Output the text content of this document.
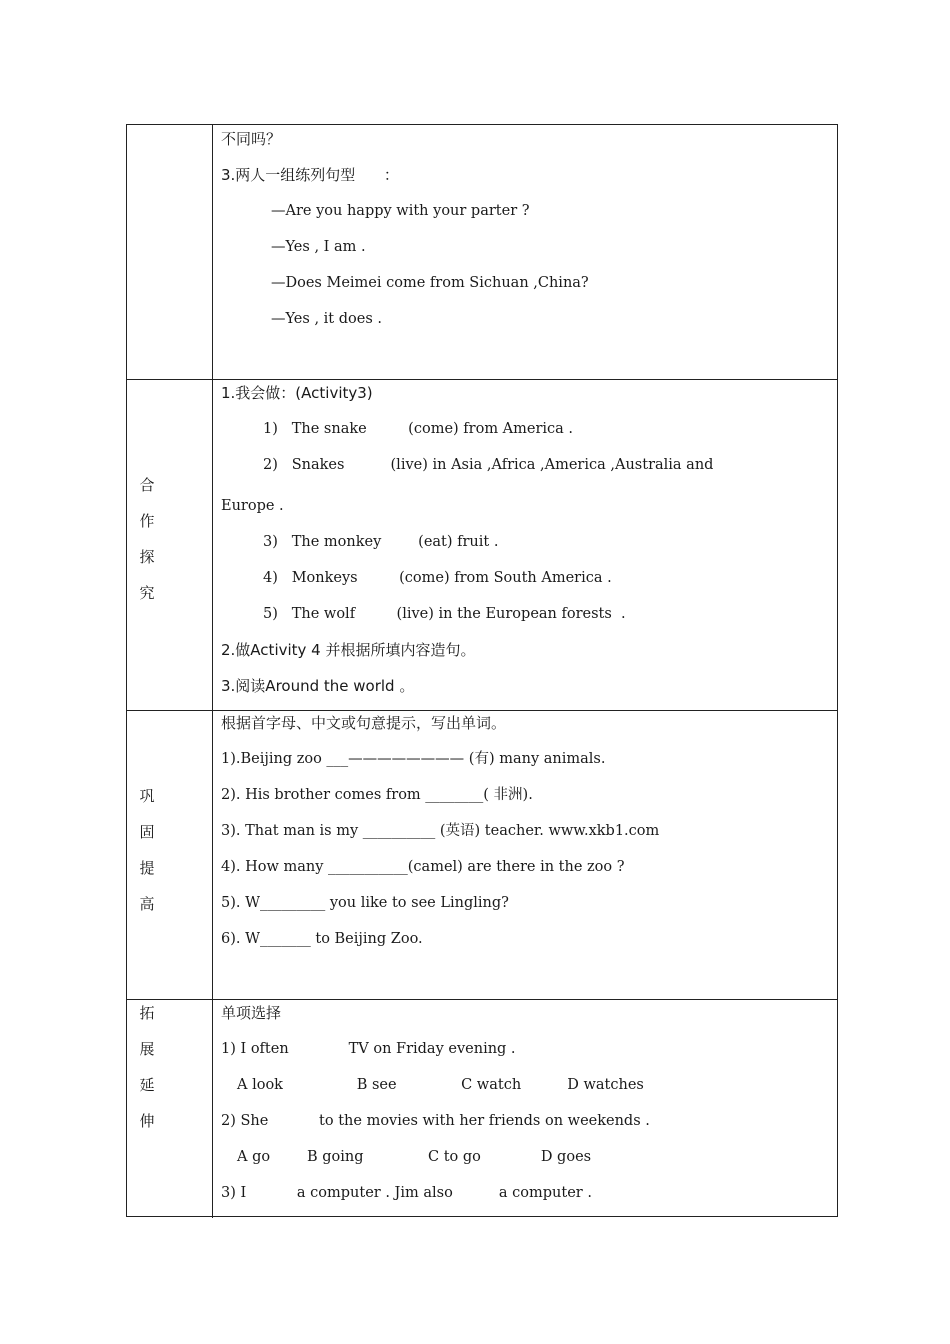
不同吗？
3.两人一组练列句型      ：
—Are you happy with your parter ?
—Yes , I am .
—Does Meimei come from Sichuan ,China?
—Yes , it does .
合
作
探
究
1.我会做：(Activity3)
1)   The snake         (come) from America .
2)   Snakes          (live) in Asia ,Africa ,America ,Australia and
Europe .
3)   The monkey        (eat) fruit .
4)   Monkeys         (come) from South America .
5)   The wolf         (live) in the European forests  .
2.做Activity 4 并根据所填内容造句。
3.阅读Around the world 。
巩
固
提
高
根据首字母、中文或句意提示，写出单词。
1).Beijing zoo ___———————— (有) many animals.
2). His brother comes from ________( 非洲).
3). That man is my __________ (英语) teacher. www.xkb1.com
4). How many ___________(camel) are there in the zoo ?
5). W_________ you like to see Lingling?
6). W_______ to Beijing Zoo.
拓
展
延
伸
单项选择
1) I often             TV on Friday evening .
A look                B see              C watch          D watches
2) She           to the movies with her friends on weekends .
A go        B going              C to go             D goes
3) I           a computer . Jim also          a computer .
